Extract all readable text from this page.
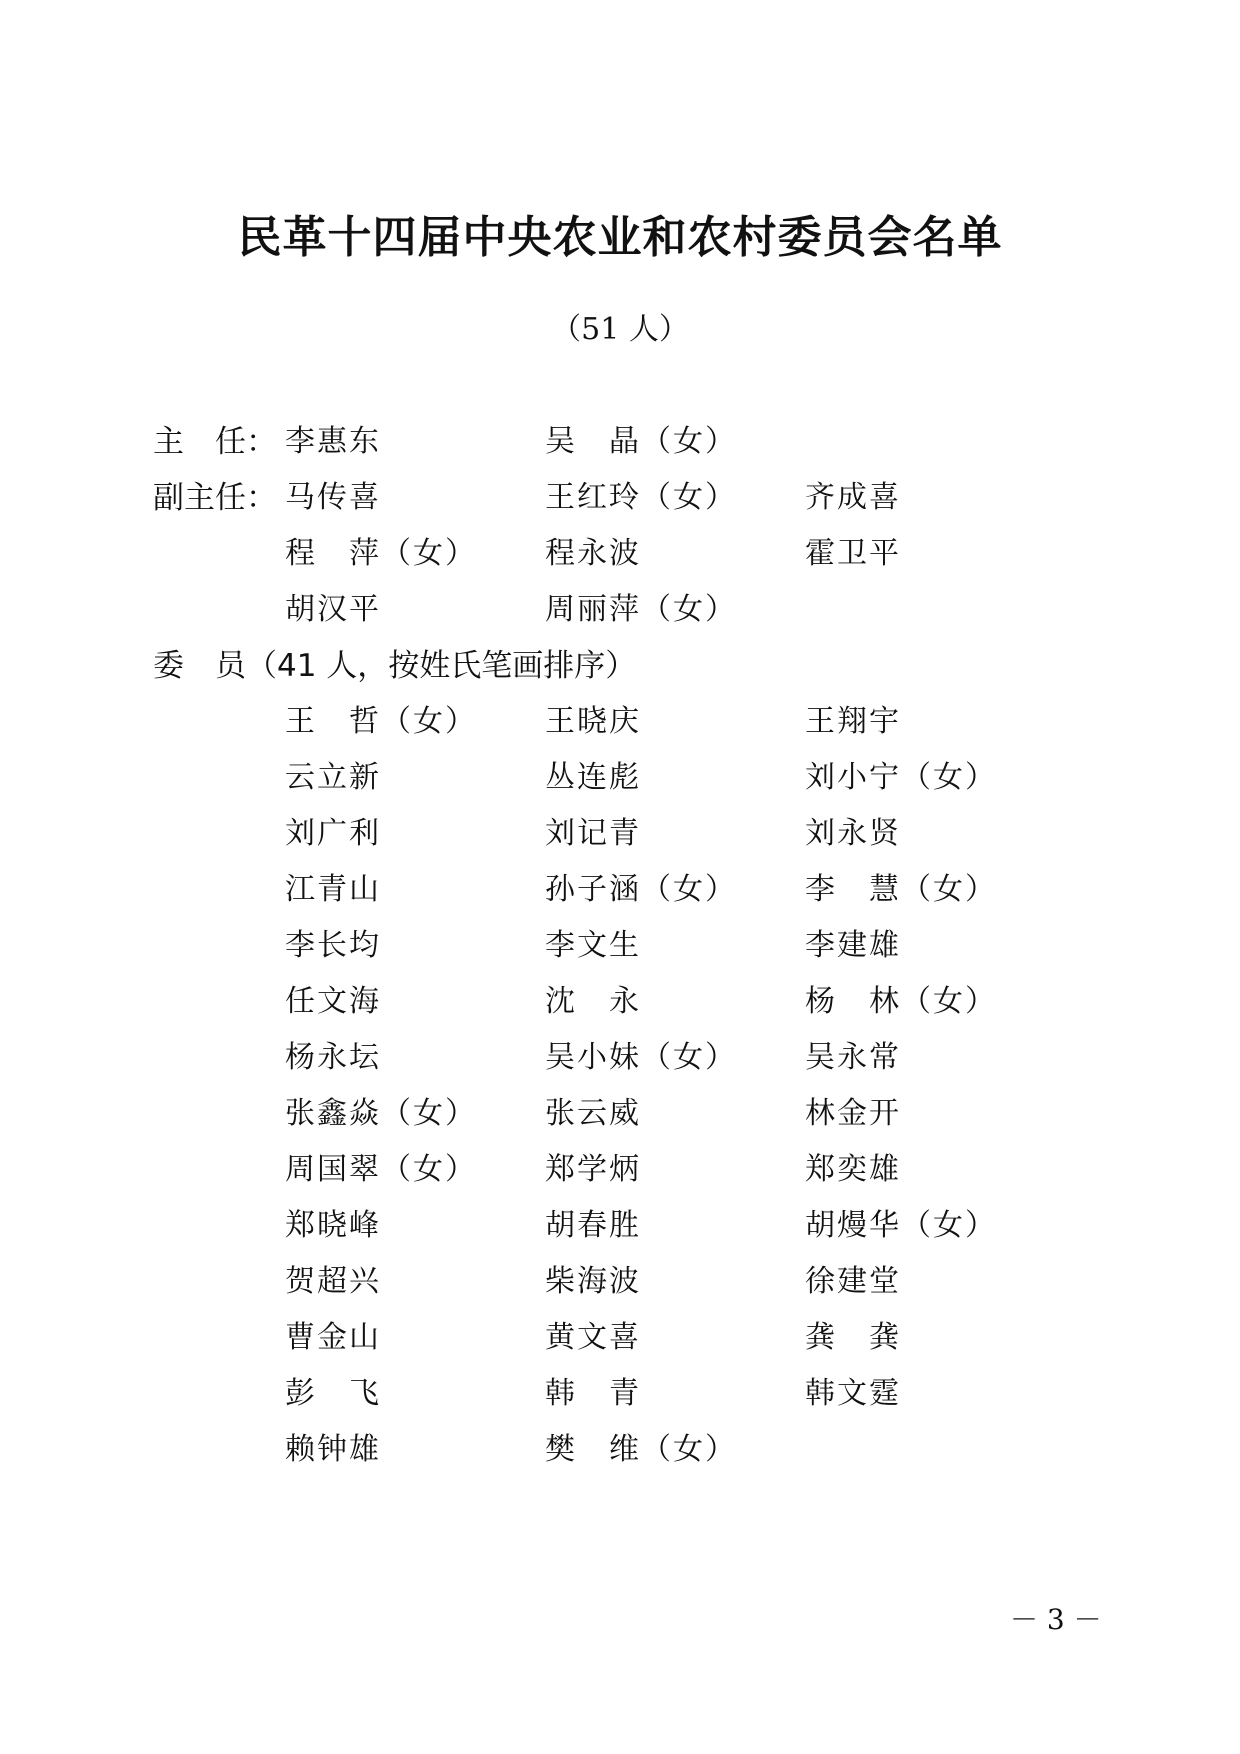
民革十四届中央农业和农村委员会名单
（51 人）
主　任： 李惠东	吴　晶（女）
副主任： 马传喜	王红玲（女） 齐成喜
程　萍（女） 程永波	霍卫平
胡汉平	周丽萍（女）
委　员（41 人，按姓氏笔画排序）
王　哲（女） 王晓庆	王翔宇
云立新	丛连彪	刘小宁（女）
刘广利	刘记青	刘永贤
江青山	孙子涵（女） 李　慧（女）
李长均	李文生	李建雄
任文海	沈　永	杨　林（女）
杨永坛	吴小妹（女） 吴永常
张鑫焱（女） 张云威	林金开
周国翠（女） 郑学炳	郑奕雄
郑晓峰	胡春胜	胡熳华（女）
贺超兴	柴海波	徐建堂
曹金山	黄文喜	龚　龚
彭　飞	韩　青	韩文霆
赖钟雄	樊　维（女）
－ 3 －
